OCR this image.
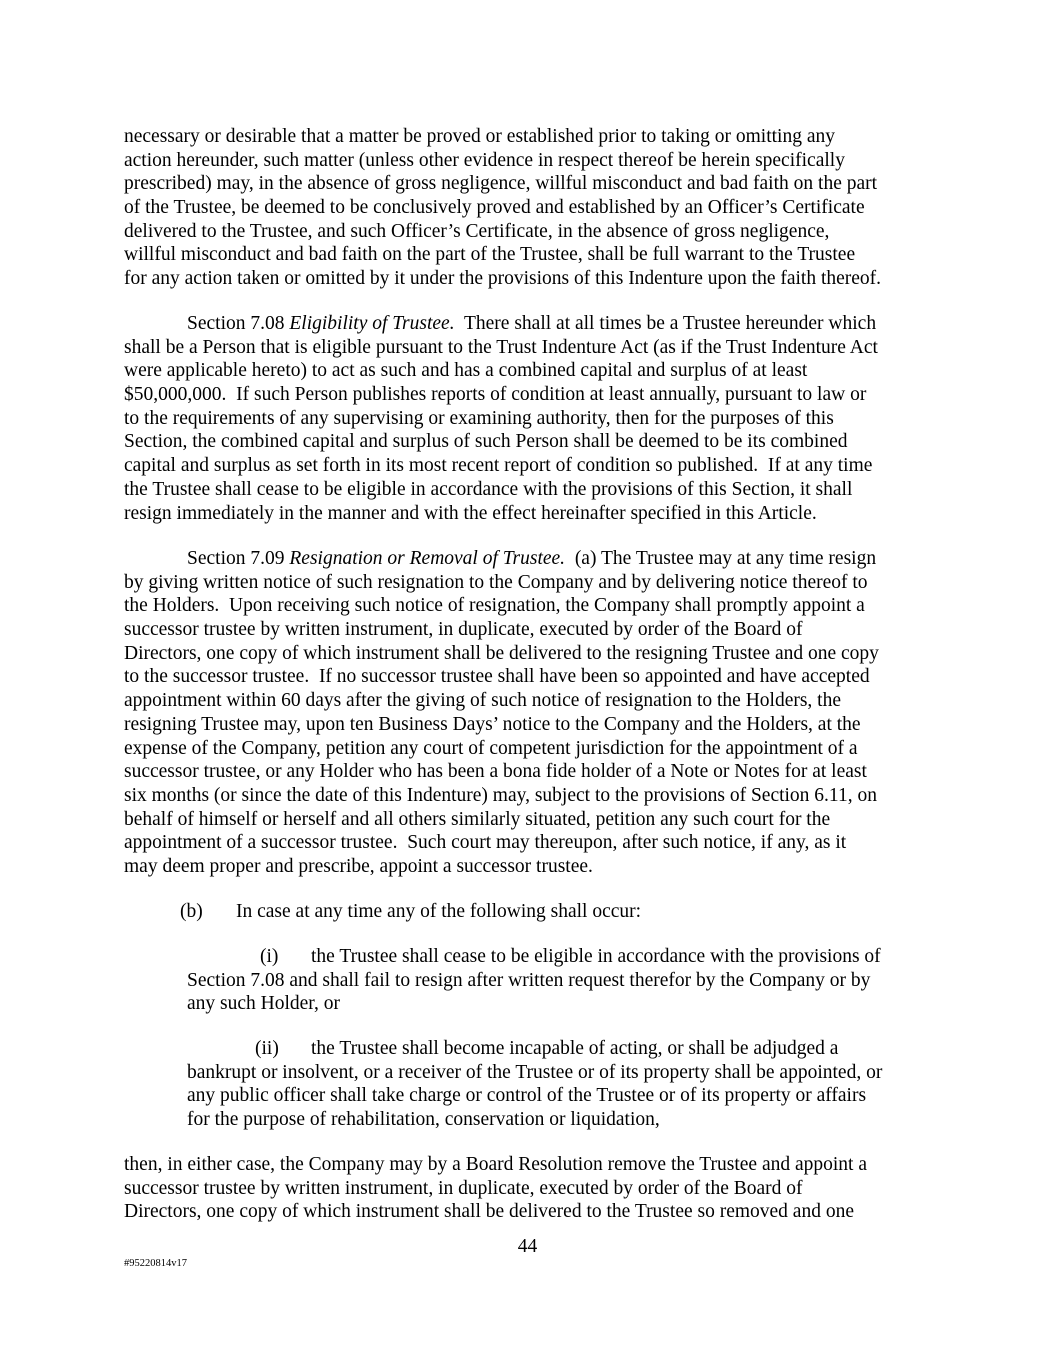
necessary or desirable that a matter be proved or established prior to taking or omitting any
action hereunder, such matter (unless other evidence in respect thereof be herein specifically
prescribed) may, in the absence of gross negligence, willful misconduct and bad faith on the part
of the Trustee, be deemed to be conclusively proved and established by an Officer’s Certificate
delivered to the Trustee, and such Officer’s Certificate, in the absence of gross negligence,
willful misconduct and bad faith on the part of the Trustee, shall be full warrant to the Trustee
for any action taken or omitted by it under the provisions of this Indenture upon the faith thereof.
Section 7.08 Eligibility of Trustee.  There shall at all times be a Trustee hereunder which
shall be a Person that is eligible pursuant to the Trust Indenture Act (as if the Trust Indenture Act
were applicable hereto) to act as such and has a combined capital and surplus of at least
$50,000,000.  If such Person publishes reports of condition at least annually, pursuant to law or
to the requirements of any supervising or examining authority, then for the purposes of this
Section, the combined capital and surplus of such Person shall be deemed to be its combined
capital and surplus as set forth in its most recent report of condition so published.  If at any time
the Trustee shall cease to be eligible in accordance with the provisions of this Section, it shall
resign immediately in the manner and with the effect hereinafter specified in this Article.
Section 7.09 Resignation or Removal of Trustee.  (a) The Trustee may at any time resign
by giving written notice of such resignation to the Company and by delivering notice thereof to
the Holders.  Upon receiving such notice of resignation, the Company shall promptly appoint a
successor trustee by written instrument, in duplicate, executed by order of the Board of
Directors, one copy of which instrument shall be delivered to the resigning Trustee and one copy
to the successor trustee.  If no successor trustee shall have been so appointed and have accepted
appointment within 60 days after the giving of such notice of resignation to the Holders, the
resigning Trustee may, upon ten Business Days’ notice to the Company and the Holders, at the
expense of the Company, petition any court of competent jurisdiction for the appointment of a
successor trustee, or any Holder who has been a bona fide holder of a Note or Notes for at least
six months (or since the date of this Indenture) may, subject to the provisions of Section 6.11, on
behalf of himself or herself and all others similarly situated, petition any such court for the
appointment of a successor trustee.  Such court may thereupon, after such notice, if any, as it
may deem proper and prescribe, appoint a successor trustee.
(b) In case at any time any of the following shall occur:
(i) the Trustee shall cease to be eligible in accordance with the provisions of
Section 7.08 and shall fail to resign after written request therefor by the Company or by
any such Holder, or
(ii) the Trustee shall become incapable of acting, or shall be adjudged a
bankrupt or insolvent, or a receiver of the Trustee or of its property shall be appointed, or
any public officer shall take charge or control of the Trustee or of its property or affairs
for the purpose of rehabilitation, conservation or liquidation,
then, in either case, the Company may by a Board Resolution remove the Trustee and appoint a
successor trustee by written instrument, in duplicate, executed by order of the Board of
Directors, one copy of which instrument shall be delivered to the Trustee so removed and one
44
#95220814v17
